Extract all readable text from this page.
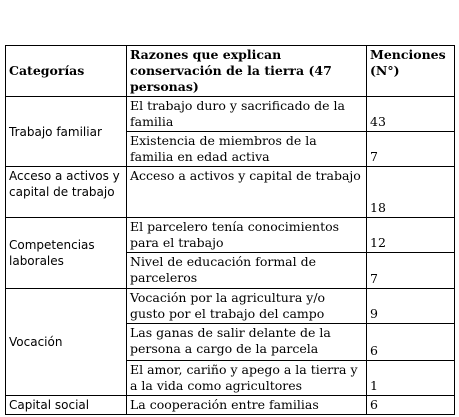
Categorías	Razones que explican conservación de la tierra (47 personas)	Menciones (N°)
Trabajo familiar	El trabajo duro y sacrificado de la familia	43
	Existencia de miembros de la familia en edad activa	7
Acceso a activos y capital de trabajo	Acceso a activos y capital de trabajo	18
Competencias laborales	El parcelero tenía conocimientos para el trabajo	12
	Nivel de educación formal de parceleros	7
Vocación	Vocación por la agricultura y/o gusto por el trabajo del campo	9
	Las ganas de salir delante de la persona a cargo de la parcela	6
	El amor, cariño y apego a la tierra y a la vida como agricultores	1
Capital social	La cooperación entre familias	6
